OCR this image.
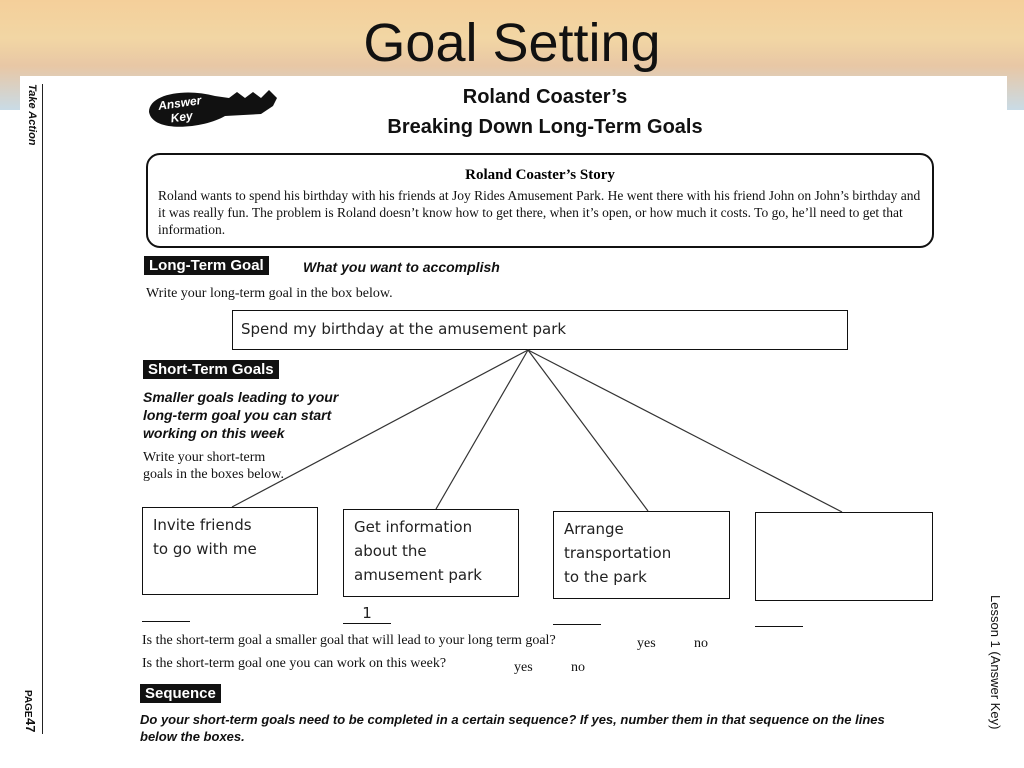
Goal Setting
Take Action
PAGE
47	Lesson 1 (Answer Key)
Answer
Key
Roland Coaster’s
Breaking Down Long-Term Goals
Roland Coaster’s Story
Roland wants to spend his birthday with his friends at Joy Rides Amusement Park. He went there with his friend John on John’s birthday and it was really fun. The problem is Roland doesn’t know how to get there, when it’s open, or how much it costs. To go, he’ll need to get that information.
Long-Term Goal	What you want to accomplish
Write your long-term goal in the box below.
Spend my birthday at the amusement park
Short-Term Goals
Smaller goals leading to your long-term goal you can start working on this week
Write your short-term goals in the boxes below.
Invite friends
to go with me
Get information
about the
amusement park
Arrange
transportation
to the park
1
Is the short-term goal a smaller goal that will lead to your long term goal?	yes	no
Is the short-term goal one you can work on this week?	yes	no
Sequence
Do your short-term goals need to be completed in a certain sequence? If yes, number them in that sequence on the lines below the boxes.
